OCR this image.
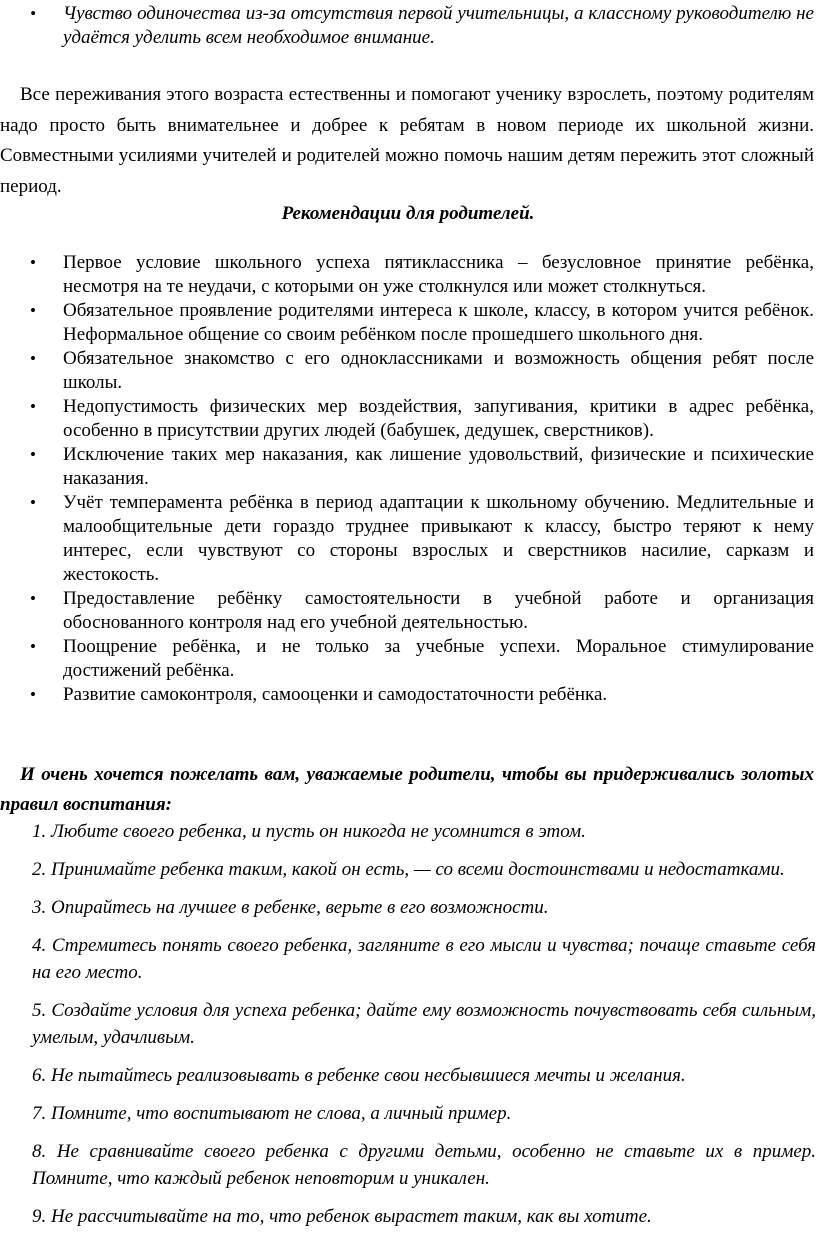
• Чувство одиночества из-за отсутствия первой учительницы, а классному руководителю не удаётся уделить всем необходимое внимание.

Все переживания этого возраста естественны и помогают ученику взрослеть, поэтому родителям надо просто быть внимательнее и добрее к ребятам в новом периоде их школьной жизни. Совместными усилиями учителей и родителей можно помочь нашим детям пережить этот сложный период.

Рекомендации для родителей.

• Первое условие школьного успеха пятиклассника – безусловное принятие ребёнка, несмотря на те неудачи, с которыми он уже столкнулся или может столкнуться.
• Обязательное проявление родителями интереса к школе, классу, в котором учится ребёнок. Неформальное общение со своим ребёнком после прошедшего школьного дня.
• Обязательное знакомство с его одноклассниками и возможность общения ребят после школы.
• Недопустимость физических мер воздействия, запугивания, критики в адрес ребёнка, особенно в присутствии других людей (бабушек, дедушек, сверстников).
• Исключение таких мер наказания, как лишение удовольствий, физические и психические наказания.
• Учёт темперамента ребёнка в период адаптации к школьному обучению. Медлительные и малообщительные дети гораздо труднее привыкают к классу, быстро теряют к нему интерес, если чувствуют со стороны взрослых и сверстников насилие, сарказм и жестокость.
• Предоставление ребёнку самостоятельности в учебной работе и организация обоснованного контроля над его учебной деятельностью.
• Поощрение ребёнка, и не только за учебные успехи. Моральное стимулирование достижений ребёнка.
• Развитие самоконтроля, самооценки и самодостаточности ребёнка.

И очень хочется пожелать вам, уважаемые родители, чтобы вы придерживались золотых правил воспитания:

1. Любите своего ребенка, и пусть он никогда не усомнится в этом.

2. Принимайте ребенка таким, какой он есть, — со всеми достоинствами и недостатками.

3. Опирайтесь на лучшее в ребенке, верьте в его возможности.

4. Стремитесь понять своего ребенка, загляните в его мысли и чувства; почаще ставьте себя на его место.

5. Создайте условия для успеха ребенка; дайте ему возможность почувствовать себя сильным, умелым, удачливым.

6. Не пытайтесь реализовывать в ребенке свои несбывшиеся мечты и желания.

7. Помните, что воспитывают не слова, а личный пример.

8. Не сравнивайте своего ребенка с другими детьми, особенно не ставьте их в пример. Помните, что каждый ребенок неповторим и уникален.

9. Не рассчитывайте на то, что ребенок вырастет таким, как вы хотите.
